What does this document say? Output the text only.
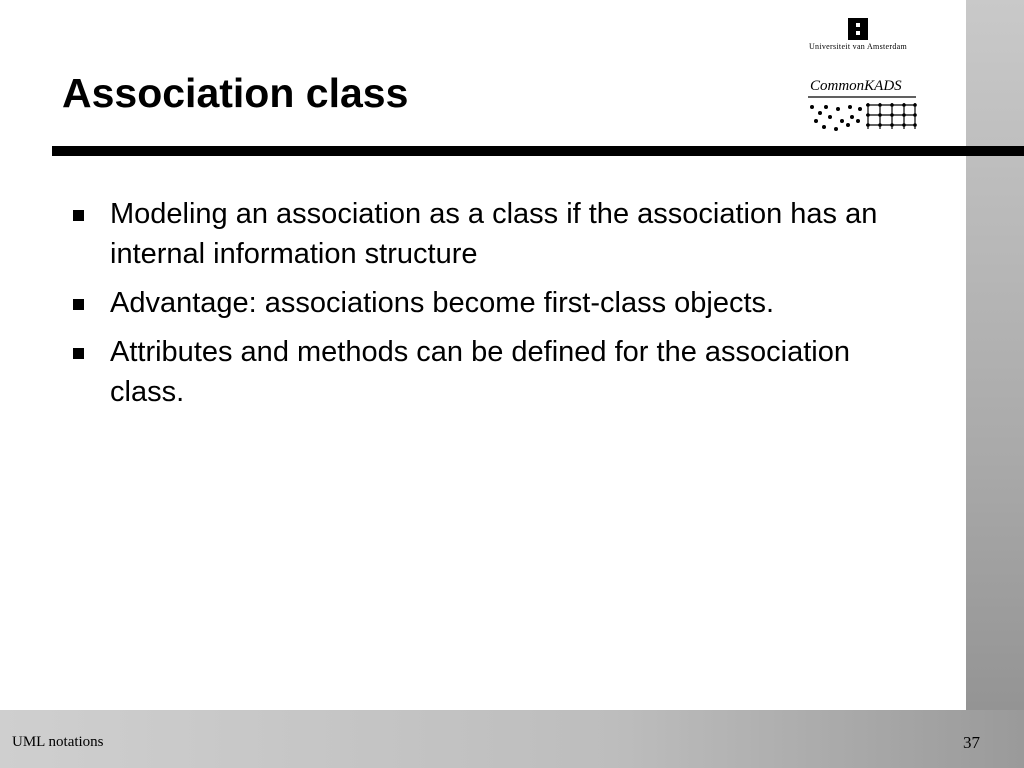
Universiteit van Amsterdam
CommonKADS
Association class
Modeling an association as a class if the association has an internal information structure
Advantage: associations become first-class objects.
Attributes and methods can be defined for the association class.
UML notations	37
